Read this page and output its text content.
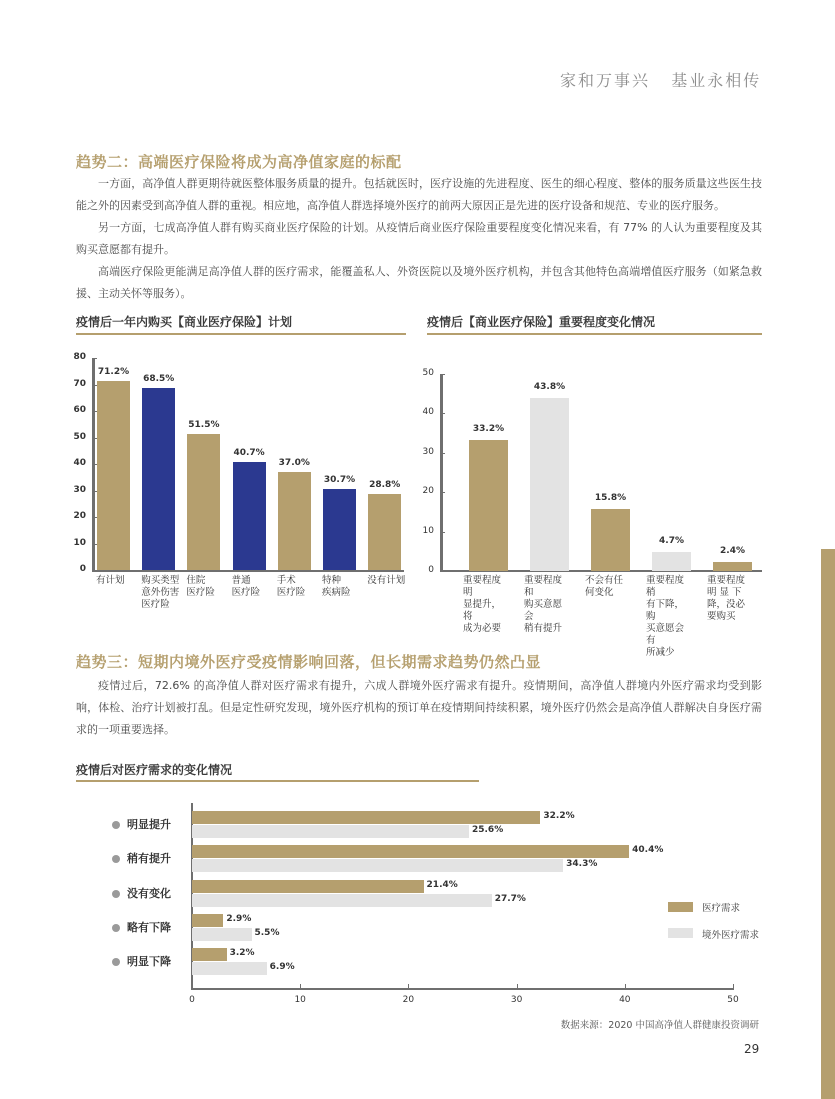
家和万事兴   基业永相传
趋势二：高端医疗保险将成为高净值家庭的标配

一方面，高净值人群更期待就医整体服务质量的提升。包括就医时，医疗设施的先进程度、医生的细心程度、整体的服务质量这些医生技能之外的因素受到高净值人群的重视。相应地，高净值人群选择境外医疗的前两大原因正是先进的医疗设备和规范、专业的医疗服务。

另一方面，七成高净值人群有购买商业医疗保险的计划。从疫情后商业医疗保险重要程度变化情况来看，有 77% 的人认为重要程度及其购买意愿都有提升。

高端医疗保险更能满足高净值人群的医疗需求，能覆盖私人、外资医院以及境外医疗机构，并包含其他特色高端增值医疗服务（如紧急救援、主动关怀等服务）。

疫情后一年内购买【商业医疗保险】计划
0
10
20
30
40
50
60
70
80
71.2%
有计划
68.5%
购买类型
意外伤害
医疗险
51.5%
住院
医疗险
40.7%
普通
医疗险
37.0%
手术
医疗险
30.7%
特种
疾病险
28.8%
没有计划
疫情后【商业医疗保险】重要程度变化情况
0
10
20
30
40
50
33.2%
重要程度明
显提升，将
成为必要
43.8%
重要程度和
购买意愿会
稍有提升
15.8%
不会有任
何变化
4.7%
重要程度稍
有下降，购
买意愿会有
所减少
2.4%
重要程度
明 显 下
降，没必
要购买
趋势三：短期内境外医疗受疫情影响回落，但长期需求趋势仍然凸显

疫情过后，72.6% 的高净值人群对医疗需求有提升，六成人群境外医疗需求有提升。疫情期间，高净值人群境内外医疗需求均受到影响，体检、治疗计划被打乱。但是定性研究发现，境外医疗机构的预订单在疫情期间持续积累，境外医疗仍然会是高净值人群解决自身医疗需求的一项重要选择。

疫情后对医疗需求的变化情况
0	10	20	30	40	50
明显提升
32.2%
25.6%
稍有提升
40.4%
34.3%
没有变化
21.4%
27.7%
略有下降
2.9%
5.5%
明显下降
3.2%
6.9%
医疗需求
境外医疗需求
数据来源：2020 中国高净值人群健康投资调研
29
